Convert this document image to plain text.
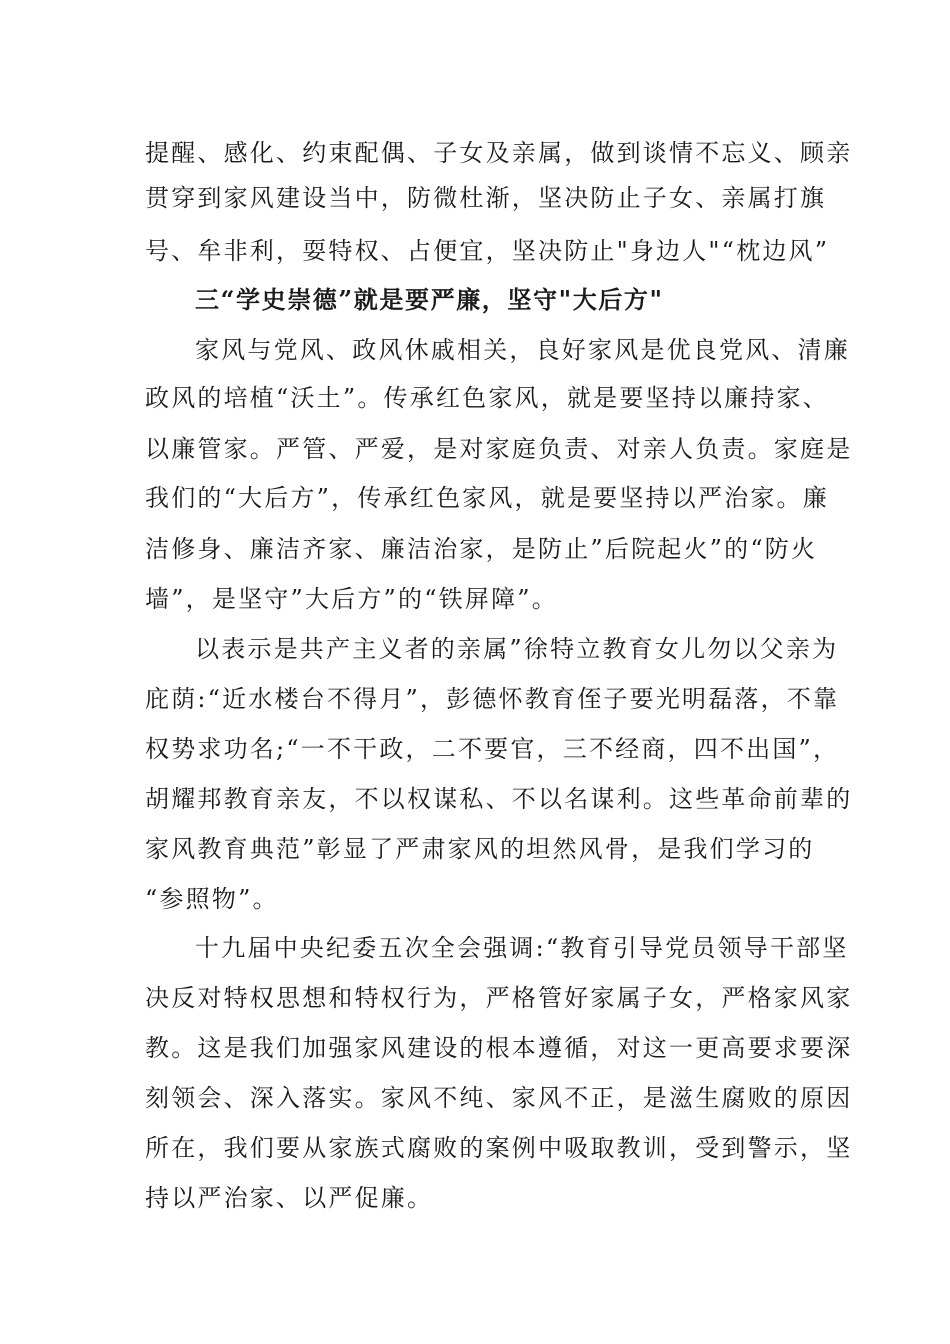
提醒、感化、约束配偶、子女及亲属，做到谈情不忘义、顾亲
贯穿到家风建设当中，防微杜渐，坚决防止子女、亲属打旗
号、牟非利，耍特权、占便宜，坚决防止"身边人"“枕边风”
三“学史崇德”就是要严廉，坚守"大后方"
家风与党风、政风休戚相关，良好家风是优良党风、清廉
政风的培植“沃土”。传承红色家风，就是要坚持以廉持家、
以廉管家。严管、严爱，是对家庭负责、对亲人负责。家庭是
我们的“大后方”，传承红色家风，就是要坚持以严治家。廉
洁修身、廉洁齐家、廉洁治家，是防止”后院起火”的“防火
墙”，是坚守”大后方”的“铁屏障”。
以表示是共产主义者的亲属”徐特立教育女儿勿以父亲为
庇荫:“近水楼台不得月”，彭德怀教育侄子要光明磊落，不靠
权势求功名;“一不干政，二不要官，三不经商，四不出国”，
胡耀邦教育亲友，不以权谋私、不以名谋利。这些革命前辈的
家风教育典范”彰显了严肃家风的坦然风骨，是我们学习的
“参照物”。
十九届中央纪委五次全会强调:“教育引导党员领导干部坚
决反对特权思想和特权行为，严格管好家属子女，严格家风家
教。这是我们加强家风建设的根本遵循，对这一更高要求要深
刻领会、深入落实。家风不纯、家风不正，是滋生腐败的原因
所在，我们要从家族式腐败的案例中吸取教训，受到警示，坚
持以严治家、以严促廉。
